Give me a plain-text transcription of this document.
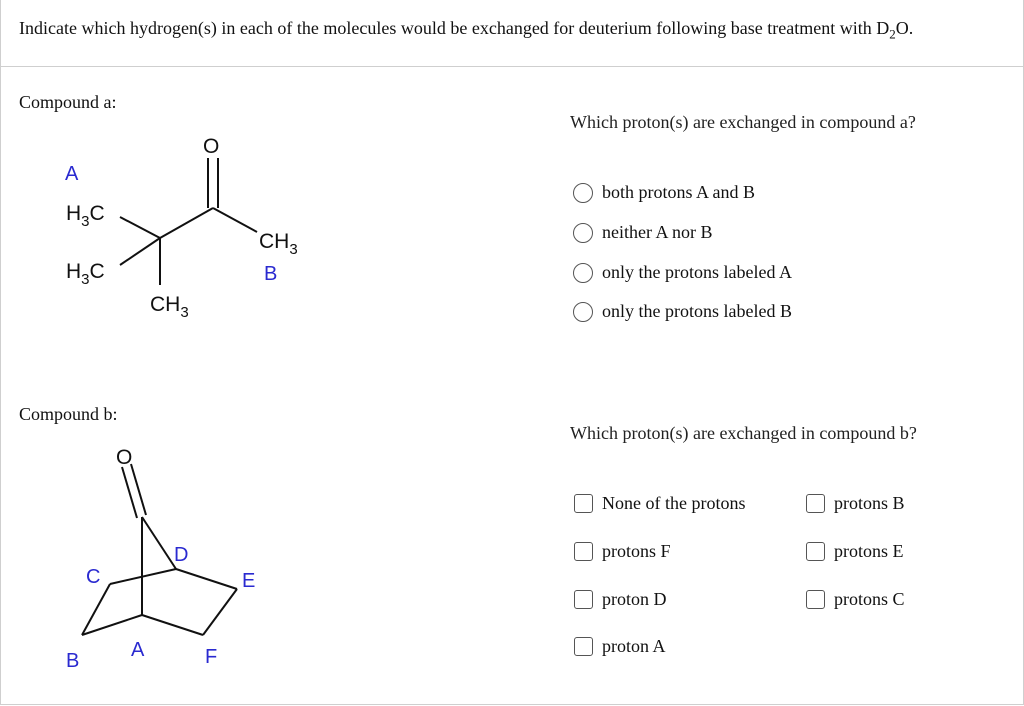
Indicate which hydrogen(s) in each of the molecules would be exchanged for deuterium following base treatment with $D_2O$.
Compound a:
O
A
$H_3C$
$H_3C$
$CH_3$
$CH_3$
B
Which proton(s) are exchanged in compound a?
both protons A and B
neither A nor B
only the protons labeled A
only the protons labeled B
Compound b:
O
D
C	E
A
B	F
Which proton(s) are exchanged in compound b?
None of the protons
protons F
proton D
proton A
protons B
protons E
protons C
